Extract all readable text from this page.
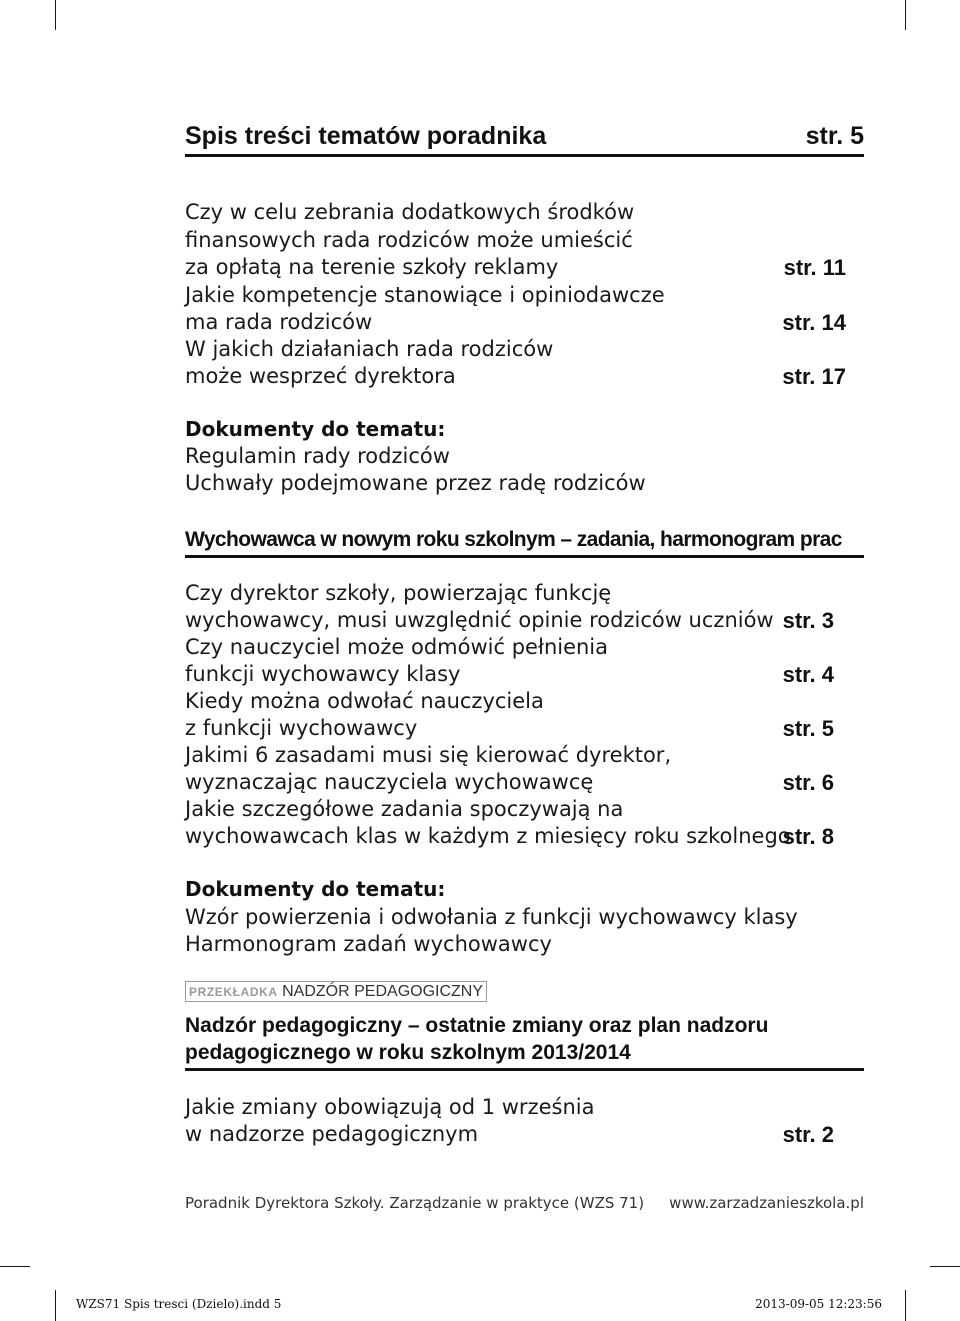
Spis treści tematów poradnika	str. 5
Czy w celu zebrania dodatkowych środków
finansowych rada rodziców może umieścić
za opłatą na terenie szkoły reklamy	str. 11
Jakie kompetencje stanowiące i opiniodawcze
ma rada rodziców	str. 14
W jakich działaniach rada rodziców
może wesprzeć dyrektora	str. 17
Dokumenty do tematu:
Regulamin rady rodziców
Uchwały podejmowane przez radę rodziców
Wychowawca w nowym roku szkolnym – zadania, harmonogram prac
Czy dyrektor szkoły, powierzając funkcję
wychowawcy, musi uwzględnić opinie rodziców uczniów str. 3
Czy nauczyciel może odmówić pełnienia
funkcji wychowawcy klasy	str. 4
Kiedy można odwołać nauczyciela
z funkcji wychowawcy	str. 5
Jakimi 6 zasadami musi się kierować dyrektor,
wyznaczając nauczyciela wychowawcę	str. 6
Jakie szczegółowe zadania spoczywają na
wychowawcach klas w każdym z miesięcy roku szkolnego
str. 8
Dokumenty do tematu:
Wzór powierzenia i odwołania z funkcji wychowawcy klasy
Harmonogram zadań wychowawcy
PRZEKŁADKA NADZÓR PEDAGOGICZNY
Nadzór pedagogiczny – ostatnie zmiany oraz plan nadzoru
pedagogicznego w roku szkolnym 2013/2014
Jakie zmiany obowiązują od 1 września
w nadzorze pedagogicznym	str. 2
Poradnik Dyrektora Szkoły. Zarządzanie w praktyce (WZS 71) www.zarzadzanieszkola.pl
WZS71 Spis tresci (Dzielo).indd 5	2013-09-05 12:23:56
